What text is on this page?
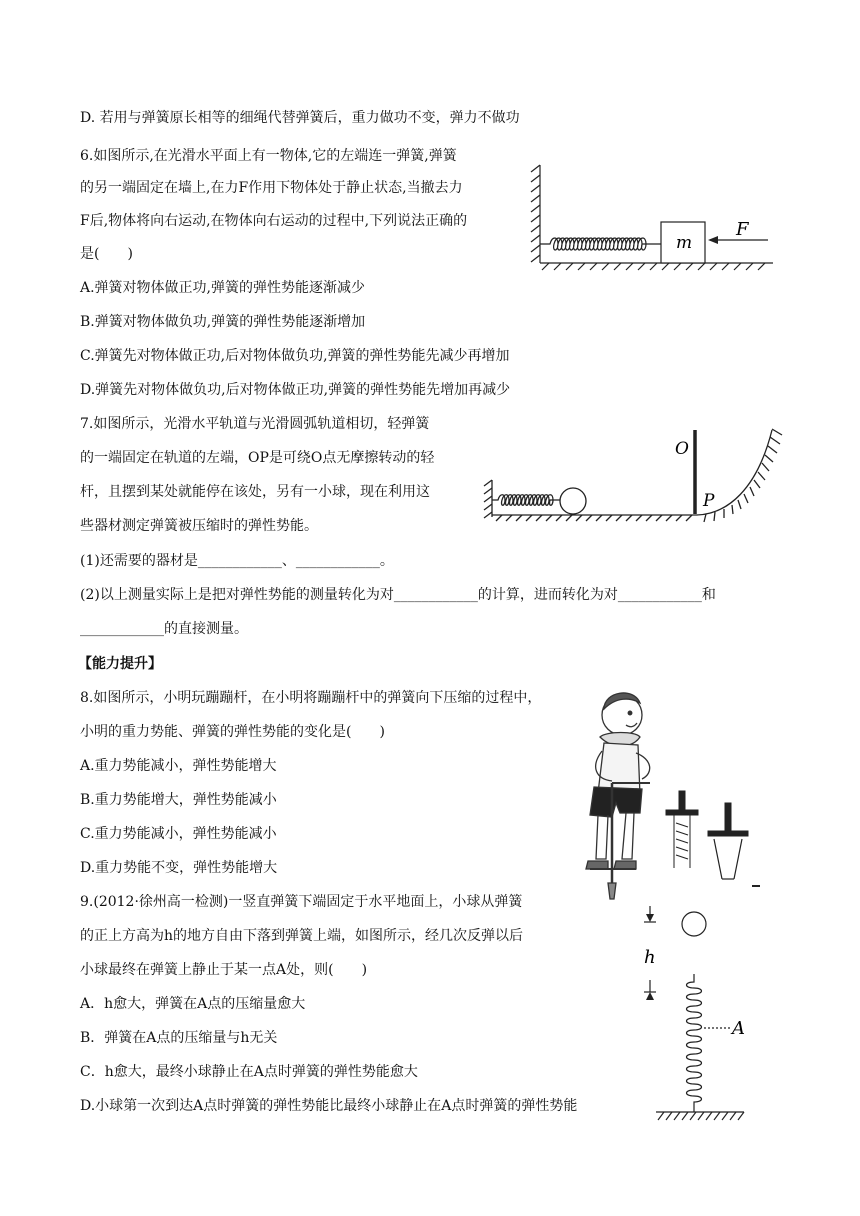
D. 若用与弹簧原长相等的细绳代替弹簧后，重力做功不变，弹力不做功
6.如图所示,在光滑水平面上有一物体,它的左端连一弹簧,弹簧
的另一端固定在墙上,在力F作用下物体处于静止状态,当撤去力
F后,物体将向右运动,在物体向右运动的过程中,下列说法正确的
是(　　)
A.弹簧对物体做正功,弹簧的弹性势能逐渐减少
B.弹簧对物体做负功,弹簧的弹性势能逐渐增加
C.弹簧先对物体做正功,后对物体做负功,弹簧的弹性势能先减少再增加
D.弹簧先对物体做负功,后对物体做正功,弹簧的弹性势能先增加再减少
7.如图所示，光滑水平轨道与光滑圆弧轨道相切，轻弹簧
的一端固定在轨道的左端，OP是可绕O点无摩擦转动的轻
杆，且摆到某处就能停在该处，另有一小球，现在利用这
些器材测定弹簧被压缩时的弹性势能。
(1)还需要的器材是____________、____________。
(2)以上测量实际上是把对弹性势能的测量转化为对____________的计算，进而转化为对____________和
____________的直接测量。
【能力提升】
8.如图所示，小明玩蹦蹦杆，在小明将蹦蹦杆中的弹簧向下压缩的过程中，
小明的重力势能、弹簧的弹性势能的变化是(　　)
A.重力势能减小，弹性势能增大
B.重力势能增大，弹性势能减小
C.重力势能减小，弹性势能减小
D.重力势能不变，弹性势能增大
9.(2012·徐州高一检测)一竖直弹簧下端固定于水平地面上，小球从弹簧
的正上方高为h的地方自由下落到弹簧上端，如图所示，经几次反弹以后
小球最终在弹簧上静止于某一点A处，则(　　)
A．h愈大，弹簧在A点的压缩量愈大
B．弹簧在A点的压缩量与h无关
C．h愈大，最终小球静止在A点时弹簧的弹性势能愈大
D.小球第一次到达A点时弹簧的弹性势能比最终小球静止在A点时弹簧的弹性势能
m
F
O
P
h
A
